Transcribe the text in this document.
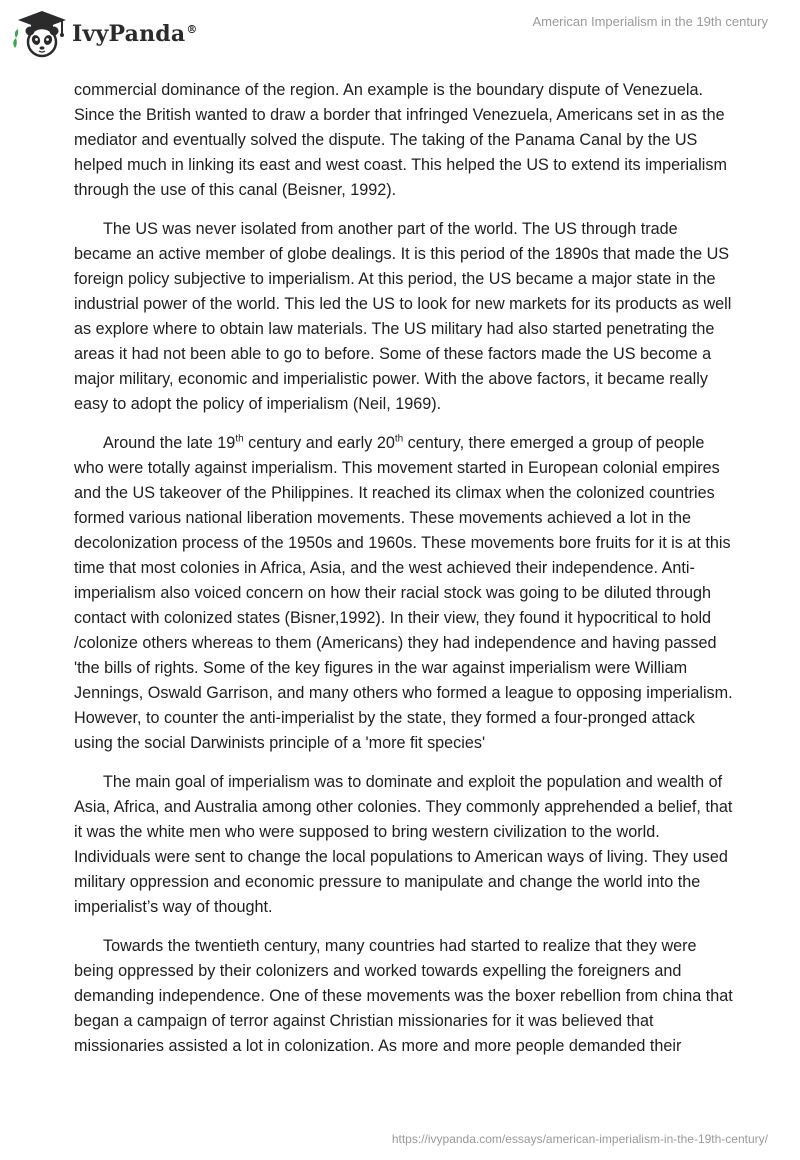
IvyPanda®
American Imperialism in the 19th century

commercial dominance of the region. An example is the boundary dispute of Venezuela. Since the British wanted to draw a border that infringed Venezuela, Americans set in as the mediator and eventually solved the dispute. The taking of the Panama Canal by the US helped much in linking its east and west coast. This helped the US to extend its imperialism through the use of this canal (Beisner, 1992).

The US was never isolated from another part of the world. The US through trade became an active member of globe dealings. It is this period of the 1890s that made the US foreign policy subjective to imperialism. At this period, the US became a major state in the industrial power of the world. This led the US to look for new markets for its products as well as explore where to obtain law materials. The US military had also started penetrating the areas it had not been able to go to before. Some of these factors made the US become a major military, economic and imperialistic power. With the above factors, it became really easy to adopt the policy of imperialism (Neil, 1969).

Around the late 19th century and early 20th century, there emerged a group of people who were totally against imperialism. This movement started in European colonial empires and the US takeover of the Philippines. It reached its climax when the colonized countries formed various national liberation movements. These movements achieved a lot in the decolonization process of the 1950s and 1960s. These movements bore fruits for it is at this time that most colonies in Africa, Asia, and the west achieved their independence. Anti-imperialism also voiced concern on how their racial stock was going to be diluted through contact with colonized states (Bisner,1992). In their view, they found it hypocritical to hold /colonize others whereas to them (Americans) they had independence and having passed 'the bills of rights. Some of the key figures in the war against imperialism were William Jennings, Oswald Garrison, and many others who formed a league to opposing imperialism. However, to counter the anti-imperialist by the state, they formed a four-pronged attack using the social Darwinists principle of a 'more fit species'

The main goal of imperialism was to dominate and exploit the population and wealth of Asia, Africa, and Australia among other colonies. They commonly apprehended a belief, that it was the white men who were supposed to bring western civilization to the world. Individuals were sent to change the local populations to American ways of living. They used military oppression and economic pressure to manipulate and change the world into the imperialist’s way of thought.

Towards the twentieth century, many countries had started to realize that they were being oppressed by their colonizers and worked towards expelling the foreigners and demanding independence. One of these movements was the boxer rebellion from china that began a campaign of terror against Christian missionaries for it was believed that missionaries assisted a lot in colonization. As more and more people demanded their

https://ivypanda.com/essays/american-imperialism-in-the-19th-century/
